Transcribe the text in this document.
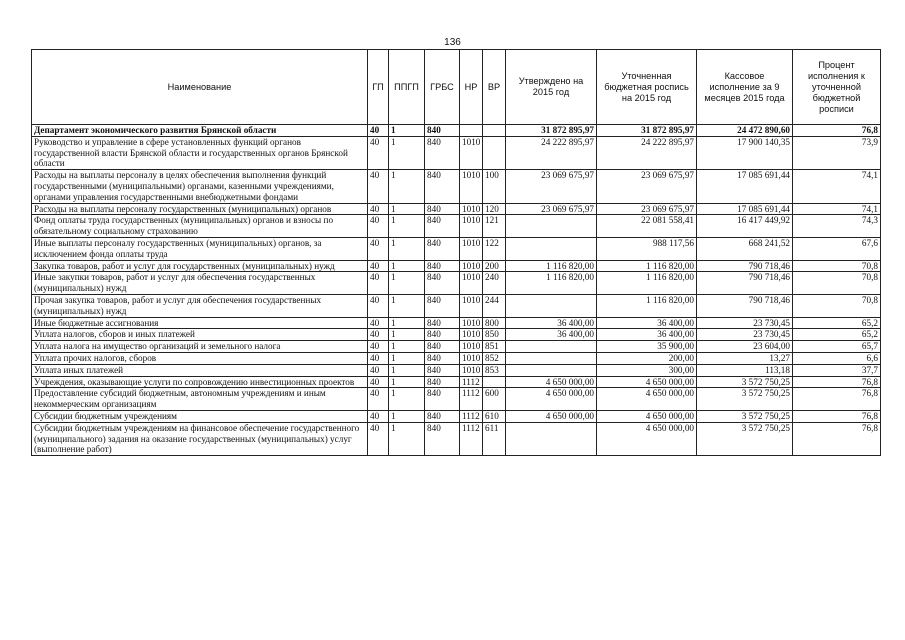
136
Наименование	ГП	ППГП	ГРБС	НР	ВР	Утверждено на 2015 год	Уточненная бюджетная роспись на 2015 год	Кассовое исполнение за 9 месяцев 2015 года	Процент исполнения к уточненной бюджетной росписи
Департамент экономического развития Брянской области	40	1	840			31 872 895,97	31 872 895,97	24 472 890,60	76,8
Руководство и управление в сфере установленных функций органов государственной власти Брянской области и государственных органов Брянской области	40	1	840	1010		24 222 895,97	24 222 895,97	17 900 140,35	73,9
Расходы на выплаты персоналу в целях обеспечения выполнения функций государственными (муниципальными) органами, казенными учреждениями, органами управления государственными внебюджетными фондами	40	1	840	1010	100	23 069 675,97	23 069 675,97	17 085 691,44	74,1
Расходы на выплаты персоналу государственных (муниципальных) органов	40	1	840	1010	120	23 069 675,97	23 069 675,97	17 085 691,44	74,1
Фонд оплаты труда государственных (муниципальных) органов и взносы по обязательному социальному страхованию	40	1	840	1010	121		22 081 558,41	16 417 449,92	74,3
Иные выплаты персоналу государственных (муниципальных) органов, за исключением фонда оплаты труда	40	1	840	1010	122		988 117,56	668 241,52	67,6
Закупка товаров, работ и услуг для государственных (муниципальных) нужд	40	1	840	1010	200	1 116 820,00	1 116 820,00	790 718,46	70,8
Иные закупки товаров, работ и услуг для обеспечения государственных (муниципальных) нужд	40	1	840	1010	240	1 116 820,00	1 116 820,00	790 718,46	70,8
Прочая закупка товаров, работ и услуг для обеспечения государственных (муниципальных) нужд	40	1	840	1010	244		1 116 820,00	790 718,46	70,8
Иные бюджетные ассигнования	40	1	840	1010	800	36 400,00	36 400,00	23 730,45	65,2
Уплата налогов, сборов и иных платежей	40	1	840	1010	850	36 400,00	36 400,00	23 730,45	65,2
Уплата налога на имущество организаций и земельного налога	40	1	840	1010	851		35 900,00	23 604,00	65,7
Уплата прочих налогов, сборов	40	1	840	1010	852		200,00	13,27	6,6
Уплата иных платежей	40	1	840	1010	853		300,00	113,18	37,7
Учреждения, оказывающие услуги по сопровождению инвестиционных проектов	40	1	840	1112		4 650 000,00	4 650 000,00	3 572 750,25	76,8
Предоставление субсидий бюджетным, автономным учреждениям и иным некоммерческим организациям	40	1	840	1112	600	4 650 000,00	4 650 000,00	3 572 750,25	76,8
Субсидии бюджетным учреждениям	40	1	840	1112	610	4 650 000,00	4 650 000,00	3 572 750,25	76,8
Субсидии бюджетным учреждениям на финансовое обеспечение государственного (муниципального) задания на оказание государственных (муниципальных) услуг (выполнение работ)	40	1	840	1112	611		4 650 000,00	3 572 750,25	76,8
